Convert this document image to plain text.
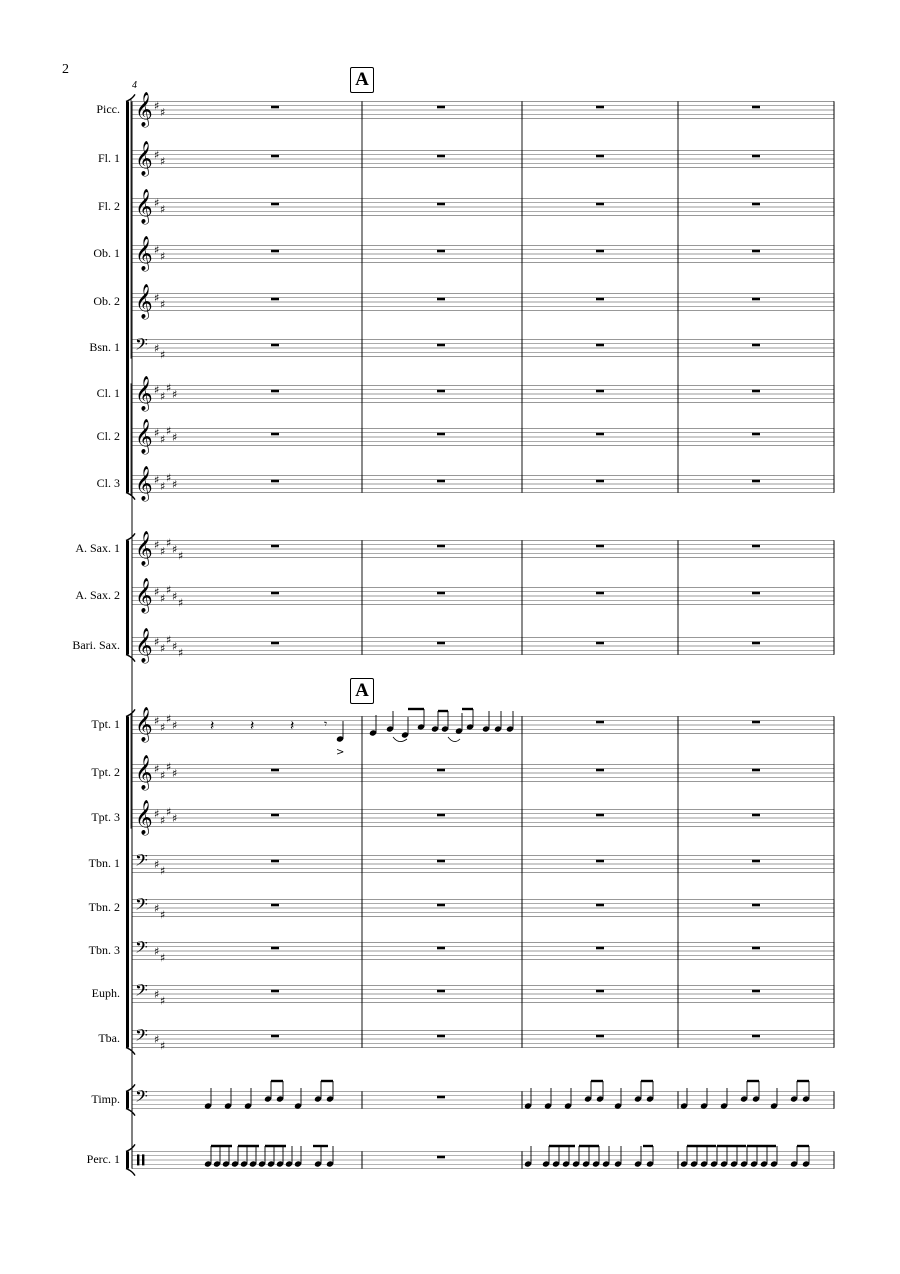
2
4	A
A
Picc.
Fl. 1
Fl. 2
Ob. 1
Ob. 2
Bsn. 1
Cl. 1
Cl. 2
Cl. 3
A. Sax. 1
A. Sax. 2
Bari. Sax.
Tpt. 1
Tpt. 2
Tpt. 3
Tbn. 1
Tbn. 2
Tbn. 3
Euph.
Tba.
Timp.
Perc. 1
𝄞 ♯ ♯
𝄞 ♯ ♯
𝄞 ♯ ♯
𝄞 ♯ ♯
𝄞 ♯ ♯
𝄢 ♯ ♯
𝄞 ♯ ♯
♯ ♯
𝄞 ♯ ♯
♯ ♯
𝄞 ♯ ♯
♯ ♯
𝄞 ♯ ♯
♯ ♯ ♯
𝄞 ♯ ♯
♯ ♯ ♯
𝄞 ♯ ♯
♯ ♯ ♯
𝄞 ♯ ♯
♯ ♯
𝄞 ♯ ♯
♯ ♯
𝄞 ♯ ♯
♯ ♯
𝄢 ♯ ♯
𝄢 ♯ ♯
𝄢 ♯ ♯
𝄢 ♯ ♯
𝄢 ♯ ♯
𝄢
𝄽	𝄽	𝄽 𝄾
>
